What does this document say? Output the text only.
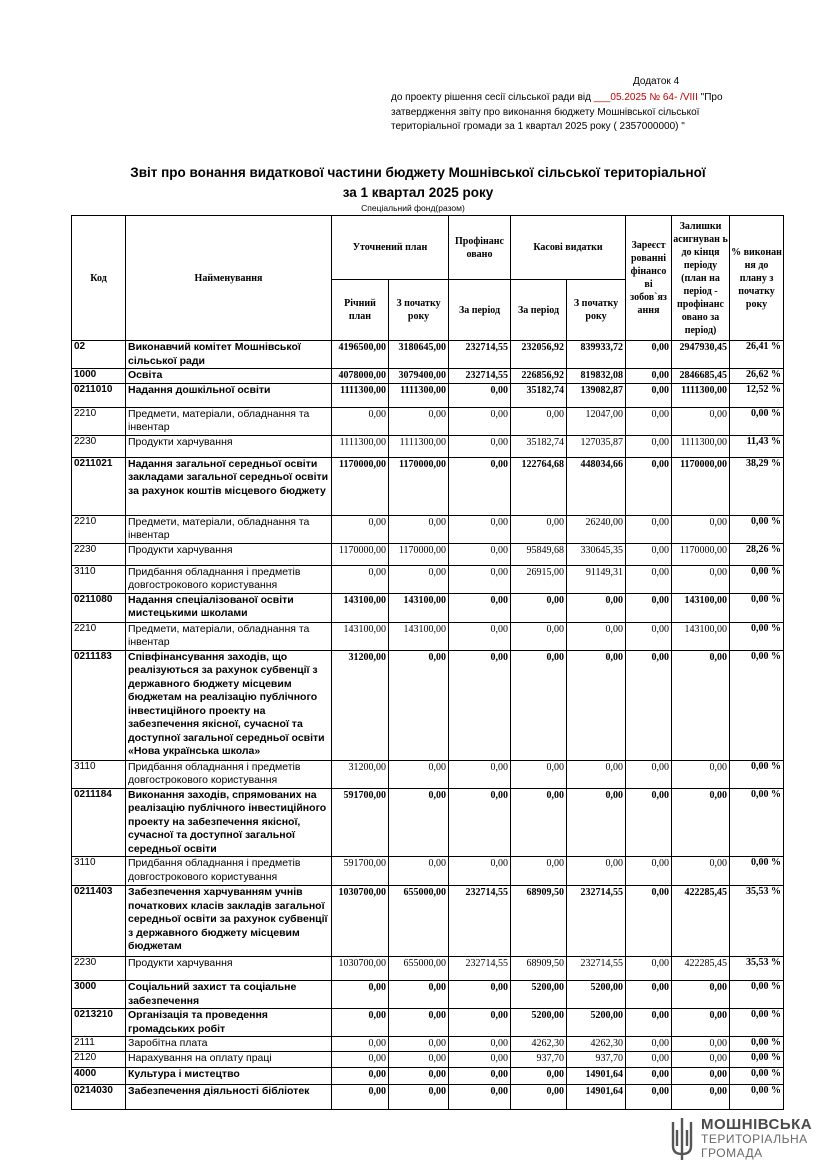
Додаток 4
до проекту рішення сесії сільської ради від ___05.2025 № 64- /VIII "Про затвердження звіту про виконання бюджету Мошнівської сільської територіальної громади за 1 квартал 2025 року ( 2357000000) "
Звіт про вонання видаткової частини бюджету Мошнівської сільської територіальної
за 1 квартал 2025 року
Спеціальний фонд(разом)
Код	Найменування	Уточнений план		Профінанс овано	Касові видатки		Зареєст рованні фінансо ві зобов`яз ання	Залишки асигнуван ь до кінця періоду (план на період - профінанс овано за період)	% виконан ня до плану з початку року
		Річний план	З початку року	За період	За період	З початку року			
02	Виконавчий комітет Мошнівської сільської ради	4196500,00	3180645,00	232714,55	232056,92	839933,72	0,00	2947930,45	26,41 %
1000	Освіта	4078000,00	3079400,00	232714,55	226856,92	819832,08	0,00	2846685,45	26,62 %
0211010	Надання дошкільної освіти	1111300,00	1111300,00	0,00	35182,74	139082,87	0,00	1111300,00	12,52 %
2210	Предмети, матеріали, обладнання та інвентар	0,00	0,00	0,00	0,00	12047,00	0,00	0,00	0,00 %
2230	Продукти харчування	1111300,00	1111300,00	0,00	35182,74	127035,87	0,00	1111300,00	11,43 %
0211021	Надання загальної середньої освіти закладами загальної середньої освіти за рахунок коштів місцевого бюджету	1170000,00	1170000,00	0,00	122764,68	448034,66	0,00	1170000,00	38,29 %
2210	Предмети, матеріали, обладнання та інвентар	0,00	0,00	0,00	0,00	26240,00	0,00	0,00	0,00 %
2230	Продукти харчування	1170000,00	1170000,00	0,00	95849,68	330645,35	0,00	1170000,00	28,26 %
3110	Придбання обладнання і предметів довгострокового користування	0,00	0,00	0,00	26915,00	91149,31	0,00	0,00	0,00 %
0211080	Надання спеціалізованої освіти мистецькими школами	143100,00	143100,00	0,00	0,00	0,00	0,00	143100,00	0,00 %
2210	Предмети, матеріали, обладнання та інвентар	143100,00	143100,00	0,00	0,00	0,00	0,00	143100,00	0,00 %
0211183	Співфінансування заходів, що реалізуються за рахунок субвенції з державного бюджету місцевим бюджетам на реалізацію публічного інвестиційного проекту на забезпечення якісної, сучасної та доступної загальної середньої освіти «Нова українська школа»	31200,00	0,00	0,00	0,00	0,00	0,00	0,00	0,00 %
3110	Придбання обладнання і предметів довгострокового користування	31200,00	0,00	0,00	0,00	0,00	0,00	0,00	0,00 %
0211184	Виконання заходів, спрямованих на реалізацію публічного інвестиційного проекту на забезпечення якісної, сучасної та доступної загальної середньої освіти	591700,00	0,00	0,00	0,00	0,00	0,00	0,00	0,00 %
3110	Придбання обладнання і предметів довгострокового користування	591700,00	0,00	0,00	0,00	0,00	0,00	0,00	0,00 %
0211403	Забезпечення харчуванням учнів початкових класів закладів загальної середньої освіти за рахунок субвенції з державного бюджету місцевим бюджетам	1030700,00	655000,00	232714,55	68909,50	232714,55	0,00	422285,45	35,53 %
2230	Продукти харчування	1030700,00	655000,00	232714,55	68909,50	232714,55	0,00	422285,45	35,53 %
3000	Соціальний захист та соціальне забезпечення	0,00	0,00	0,00	5200,00	5200,00	0,00	0,00	0,00 %
0213210	Організація та проведення громадських робіт	0,00	0,00	0,00	5200,00	5200,00	0,00	0,00	0,00 %
2111	Заробітна плата	0,00	0,00	0,00	4262,30	4262,30	0,00	0,00	0,00 %
2120	Нарахування на оплату праці	0,00	0,00	0,00	937,70	937,70	0,00	0,00	0,00 %
4000	Культура і мистецтво	0,00	0,00	0,00	0,00	14901,64	0,00	0,00	0,00 %
0214030	Забезпечення діяльності бібліотек	0,00	0,00	0,00	0,00	14901,64	0,00	0,00	0,00 %
МОШНІВСЬКА
ТЕРИТОРІАЛЬНА
ГРОМАДА
